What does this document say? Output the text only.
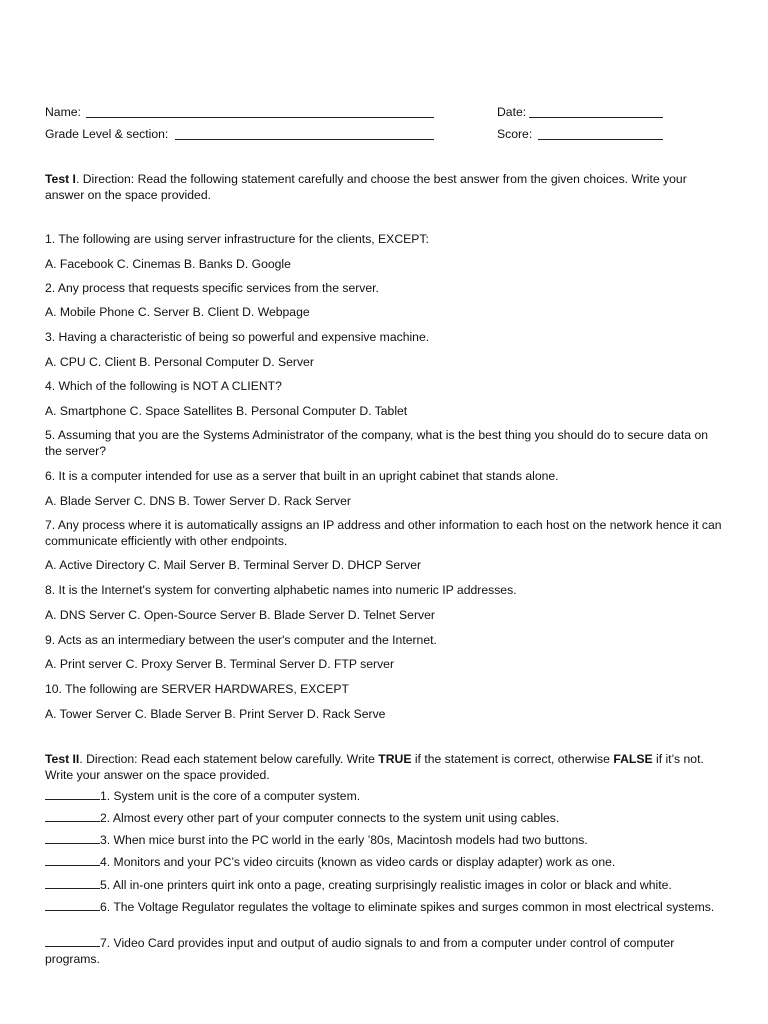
Name:	Date:
Grade Level & section:	Score:
Test I. Direction: Read the following statement carefully and choose the best answer from the given choices. Write your answer on the space provided.
1. The following are using server infrastructure for the clients, EXCEPT:
A. Facebook C. Cinemas B. Banks D. Google
2. Any process that requests specific services from the server.
A. Mobile Phone C. Server B. Client D. Webpage
3. Having a characteristic of being so powerful and expensive machine.
A. CPU C. Client B. Personal Computer D. Server
4. Which of the following is NOT A CLIENT?
A. Smartphone C. Space Satellites B. Personal Computer D. Tablet
5. Assuming that you are the Systems Administrator of the company, what is the best thing you should do to secure data on the server?
6. It is a computer intended for use as a server that built in an upright cabinet that stands alone.
A. Blade Server C. DNS B. Tower Server D. Rack Server
7. Any process where it is automatically assigns an IP address and other information to each host on the network hence it can communicate efficiently with other endpoints.
A. Active Directory C. Mail Server B. Terminal Server D. DHCP Server
8. It is the Internet's system for converting alphabetic names into numeric IP addresses.
A. DNS Server C. Open-Source Server B. Blade Server D. Telnet Server
9. Acts as an intermediary between the user's computer and the Internet.
A. Print server C. Proxy Server B. Terminal Server D. FTP server
10. The following are SERVER HARDWARES, EXCEPT
A. Tower Server C. Blade Server B. Print Server D. Rack Serve
Test II. Direction: Read each statement below carefully. Write TRUE if the statement is correct, otherwise FALSE if it’s not. Write your answer on the space provided.
1. System unit is the core of a computer system.
2. Almost every other part of your computer connects to the system unit using cables.
3. When mice burst into the PC world in the early ’80s, Macintosh models had two buttons.
4. Monitors and your PC’s video circuits (known as video cards or display adapter) work as one.
5. All in-one printers quirt ink onto a page, creating surprisingly realistic images in color or black and white.
6. The Voltage Regulator regulates the voltage to eliminate spikes and surges common in most electrical systems.
7. Video Card provides input and output of audio signals to and from a computer under control of computer programs.
